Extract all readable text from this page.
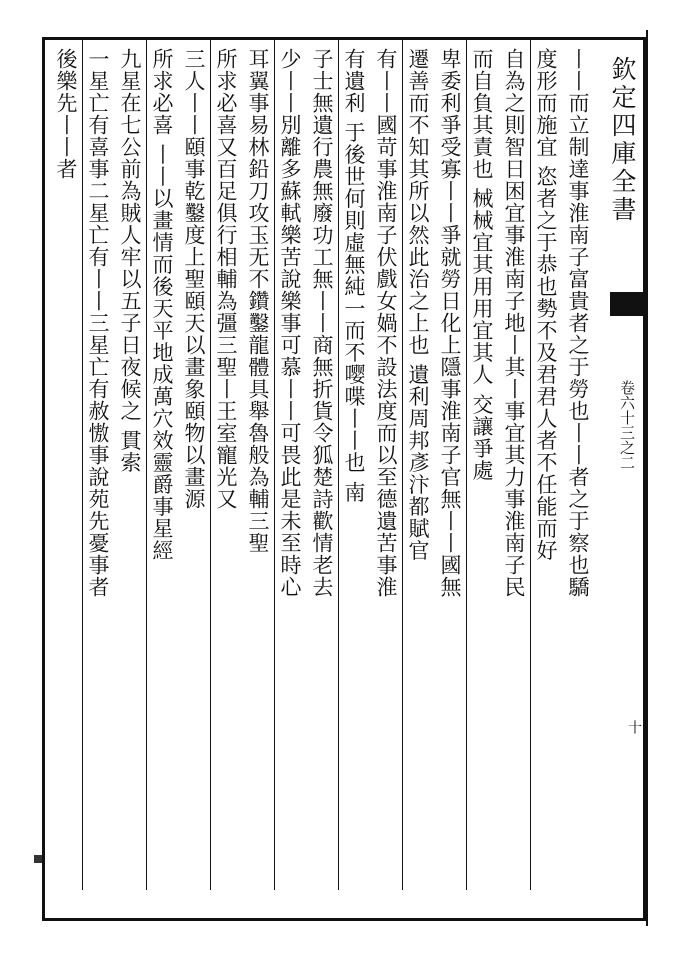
欽定四庫全書
卷六十三之二
十
丨丨而立制達事淮南子富貴者之于勞也丨丨者之于察也驕
度形而施宜 恣者之于恭也勢不及君君人者不任能而好
自為之則智日困宜事淮南子地丨其丨事宜其力事淮南子民
而自負其責也 械械宜其用用宜其人 交讓爭處
卑委利爭受寡丨丨爭就勞日化上隱事淮南子官無丨丨國無
遷善而不知其所以然此治之上也 遺利周邦彥汴都賦官
有丨丨國苛事淮南子伏戲女媧不設法度而以至德遺苦事淮
有遺利 于後世何則虛無純一而不嘤喋丨丨也 南
子士無遺行農無廢功工無丨丨商無折貨令狐楚詩歡情老去
少丨丨別離多蘇軾樂苦說樂事可慕丨丨可畏此是未至時心
耳翼事易林鉛刀攻玉无不鑽鑿龍體具舉魯般為輔三聖
所求必喜又百足俱行相輔為彊三聖丨王室寵光又
三人丨丨頤事乾鑿度上聖頤天以畫象頤物以畫源
所求必喜 丨丨以畫情而後天平地成萬穴效靈爵事星經
九星在七公前為賊人牢以五子日夜候之 貫索
一星亡有喜事二星亡有丨丨三星亡有赦慠事說苑先憂事者
後樂先丨丨者
